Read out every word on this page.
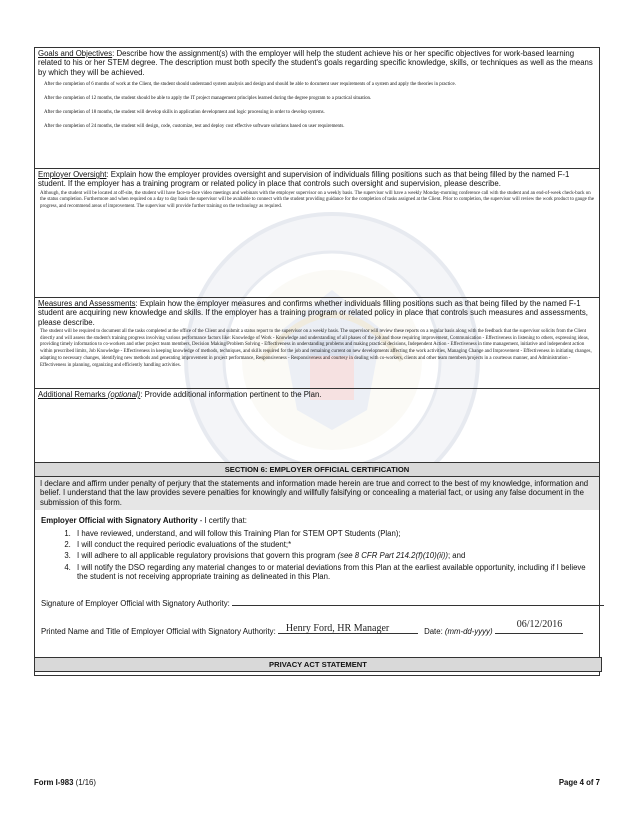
Goals and Objectives: Describe how the assignment(s) with the employer will help the student achieve his or her specific objectives for work-based learning related to his or her STEM degree. The description must both specify the student's goals regarding specific knowledge, skills, or techniques as well as the means by which they will be achieved.

After the completion of 6 months of work at the Client, the student should understand system analysis and design and should be able to document user requirements of a system and apply the theories in practice.

After the completion of 12 months, the student should be able to apply the IT project management principles learned during the degree program to a practical situation.

After the completion of 18 months, the student will develop skills in application development and logic processing in order to develop systems.

After the completion of 24 months, the student will design, code, customize, test and deploy cost effective software solutions based on user requirements.

Employer Oversight: Explain how the employer provides oversight and supervision of individuals filling positions such as that being filled by the named F-1 student. If the employer has a training program or related policy in place that controls such oversight and supervision, please describe.
Although, the student will be located at off-site, the student will have face-to-face video meetings and webinars with the employer supervisor on a weekly basis. The supervisor will have a weekly Monday-morning conference call with the student and an end-of-week check-back on the status completion. Furthermore and when required on a day to day basis the supervisor will be available to connect with the student providing guidance for the completion of tasks assigned at the Client. Prior to completion, the supervisor will review the work product to gauge the progress, and recommend areas of improvement. The supervisor will provide further training on the technology as required.
Measures and Assessments: Explain how the employer measures and confirms whether individuals filling positions such as that being filled by the named F-1 student are acquiring new knowledge and skills. If the employer has a training program or related policy in place that controls such measures and assessments, please describe.
The student will be required to document all the tasks completed at the office of the Client and submit a status report to the supervisor on a weekly basis. The supervisor will review these reports on a regular basis along with the feedback that the supervisor solicits from the Client directly and will assess the student's training progress involving various performance factors like: Knowledge of Work - Knowledge and understanding of all phases of the job and those requiring improvement, Communication - Effectiveness in listening to others, expressing ideas, providing timely information to co-workers and other project team members, Decision Making/Problem Solving - Effectiveness in understanding problems and making practical decisions, Independent Action - Effectiveness in time management, initiative and independent action within prescribed limits, Job Knowledge - Effectiveness in keeping knowledge of methods, techniques, and skills required for the job and remaining current on new developments affecting the work activities, Managing Change and Improvement - Effectiveness in initiating changes, adapting to necessary changes, identifying new methods and generating improvement in project performance, Responsiveness - Responsiveness and courtesy in dealing with co-workers, clients and other team members/projects in a courteous manner, and Administration - Effectiveness in planning, organizing and efficiently handling activities.
Additional Remarks (optional): Provide additional information pertinent to the Plan.
SECTION 6: EMPLOYER OFFICIAL CERTIFICATION
I declare and affirm under penalty of perjury that the statements and information made herein are true and correct to the best of my knowledge, information and belief. I understand that the law provides severe penalties for knowingly and willfully falsifying or concealing a material fact, or using any false document in the submission of this form.
Employer Official with Signatory Authority - I certify that:
1. I have reviewed, understand, and will follow this Training Plan for STEM OPT Students (Plan);
2. I will conduct the required periodic evaluations of the student;*
3. I will adhere to all applicable regulatory provisions that govern this program (see 8 CFR Part 214.2(f)(10)(ii)); and
4. I will notify the DSO regarding any material changes to or material deviations from this Plan at the earliest available opportunity, including if I believe the student is not receiving appropriate training as delineated in this Plan.
Signature of Employer Official with Signatory Authority:
Printed Name and Title of Employer Official with Signatory Authority: Henry Ford, HR Manager	Date: (mm-dd-yyyy)
06/12/2016
PRIVACY ACT STATEMENT
Form I-983 (1/16)	Page 4 of 7
